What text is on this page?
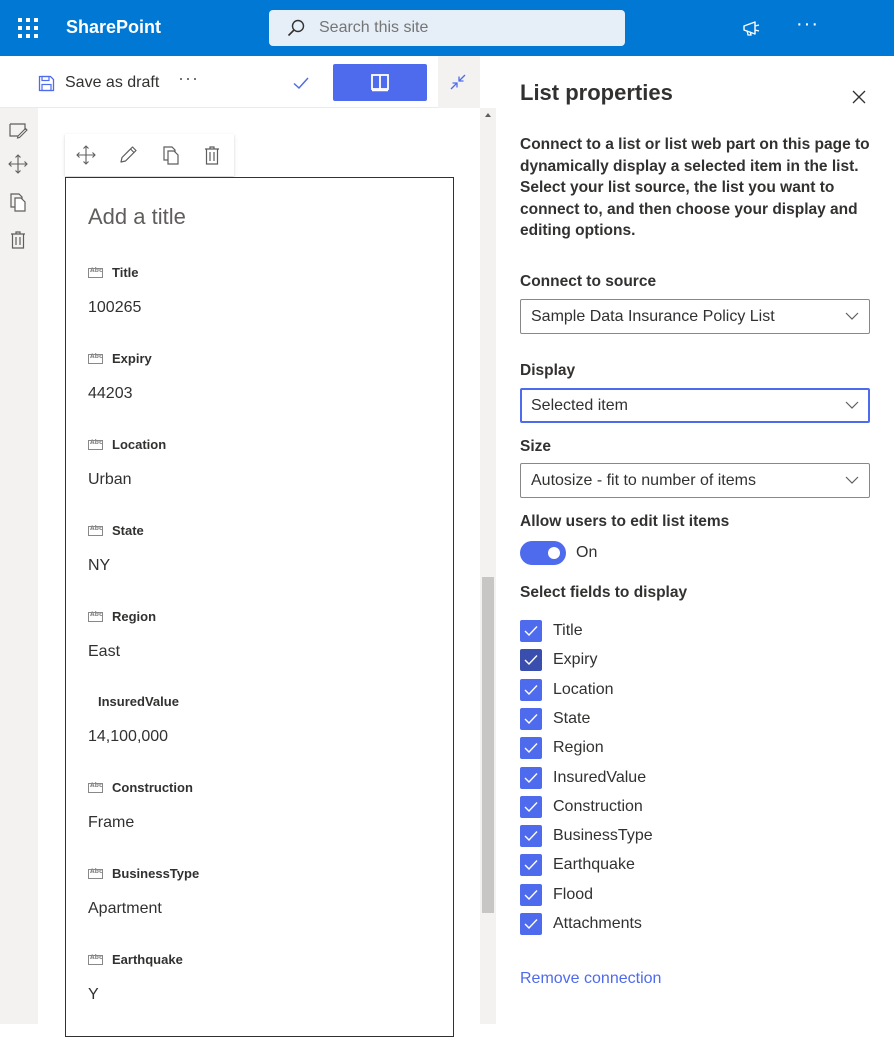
SharePoint
Search this site	···
Save as draft ···
Add a title
Abc
Title
100265
Abc
Expiry
44203
Abc
Location
Urban
Abc
State
NY
Abc
Region
East
InsuredValue
14,100,000
Abc
Construction
Frame
Abc
BusinessType
Apartment
Abc
Earthquake
Y
List properties
Connect to a list or list web part on this page to dynamically display a selected item in the list. Select your list source, the list you want to connect to, and then choose your display and editing options.
Connect to source
Sample Data Insurance Policy List
Display
Selected item
Size
Autosize - fit to number of items
Allow users to edit list items
On
Select fields to display
Title
Expiry
Location
State
Region
InsuredValue
Construction
BusinessType
Earthquake
Flood
Attachments
Remove connection
